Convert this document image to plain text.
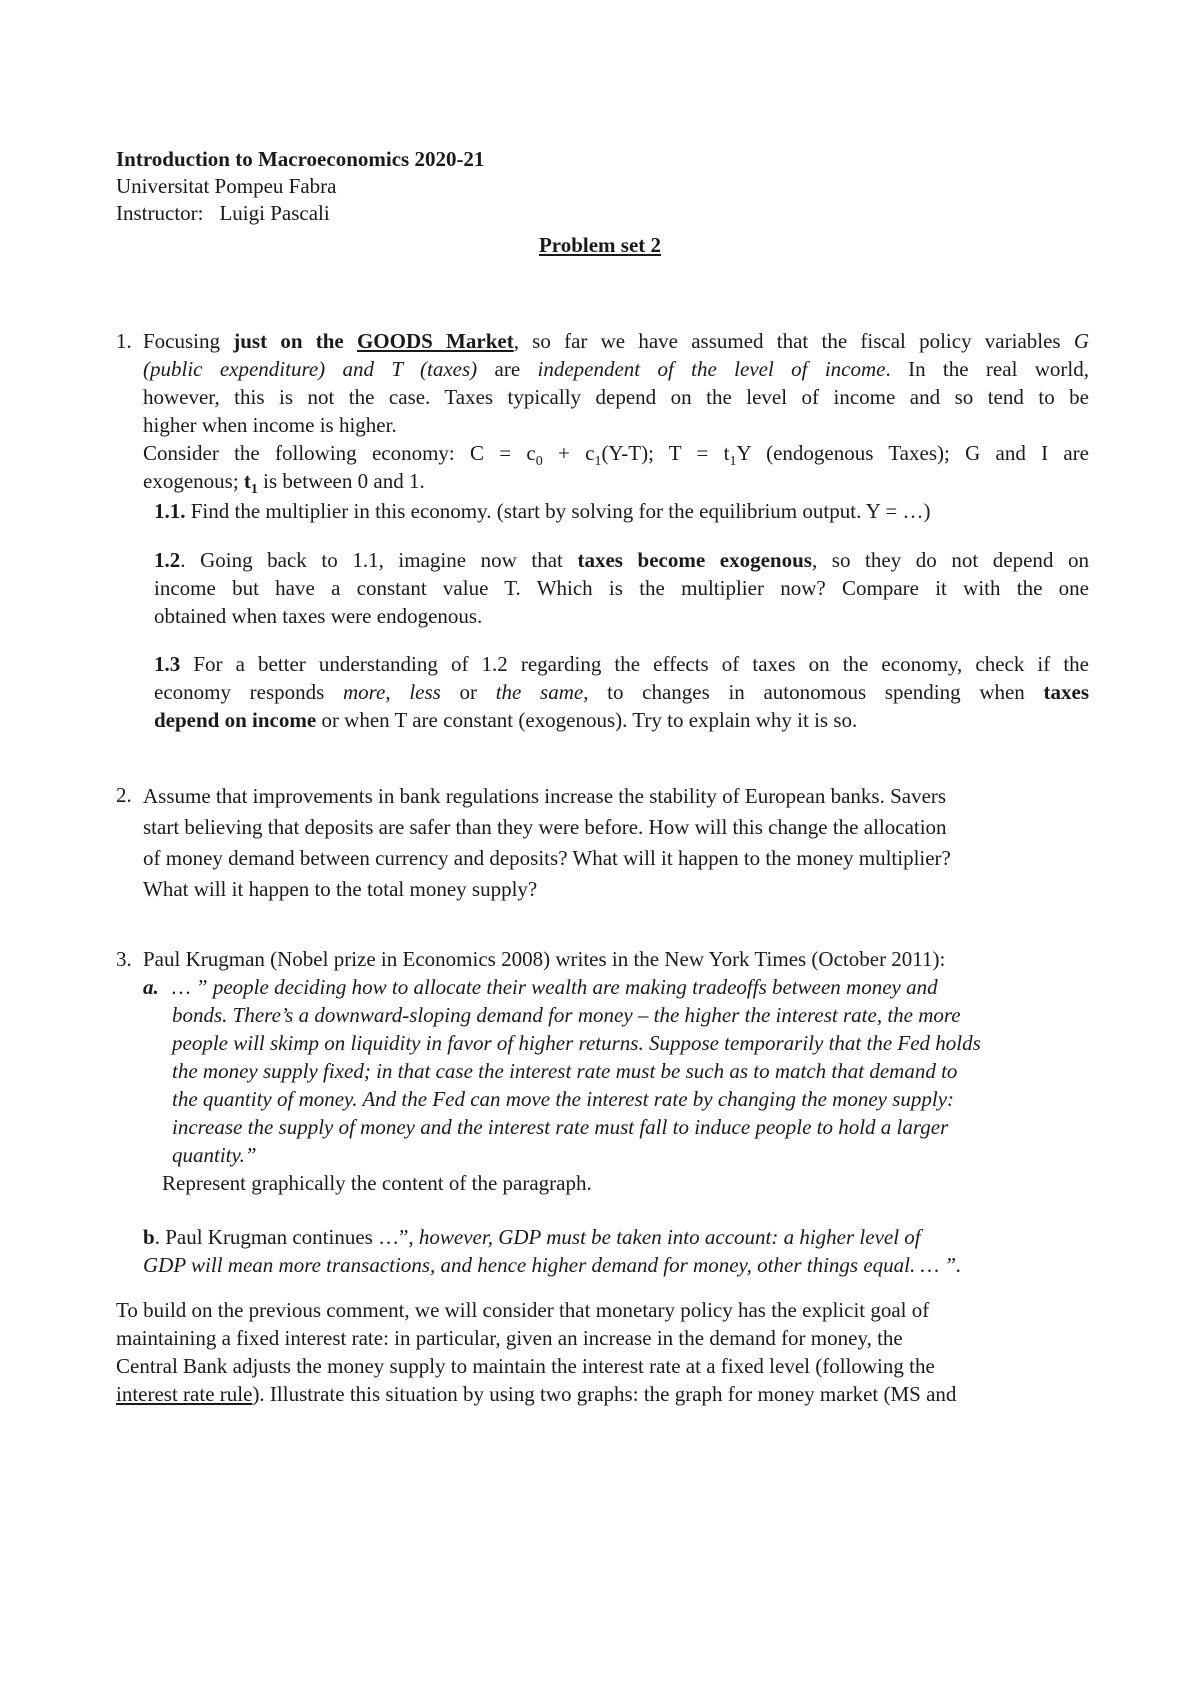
Introduction to Macroeconomics 2020-21
Universitat Pompeu Fabra
Instructor: Luigi Pascali
Problem set 2
1. Focusing just on the GOODS Market, so far we have assumed that the fiscal policy variables G
(public expenditure) and T (taxes) are independent of the level of income. In the real world,
however, this is not the case. Taxes typically depend on the level of income and so tend to be
higher when income is higher.
Consider the following economy: $C = c_0 + c_1(Y-T)$; $T = t_1Y$ (endogenous Taxes); G and I are
exogenous; $t_1$ is between 0 and 1.
1.1. Find the multiplier in this economy. (start by solving for the equilibrium output. Y = …)
1.2. Going back to 1.1, imagine now that taxes become exogenous, so they do not depend on
income but have a constant value T. Which is the multiplier now? Compare it with the one
obtained when taxes were endogenous.
1.3 For a better understanding of 1.2 regarding the effects of taxes on the economy, check if the
economy responds more, less or the same, to changes in autonomous spending when taxes
depend on income or when T are constant (exogenous). Try to explain why it is so.
2. Assume that improvements in bank regulations increase the stability of European banks. Savers
start believing that deposits are safer than they were before. How will this change the allocation
of money demand between currency and deposits? What will it happen to the money multiplier?
What will it happen to the total money supply?
3. Paul Krugman (Nobel prize in Economics 2008) writes in the New York Times (October 2011):
a. … ” people deciding how to allocate their wealth are making tradeoffs between money and
bonds. There’s a downward-sloping demand for money – the higher the interest rate, the more
people will skimp on liquidity in favor of higher returns. Suppose temporarily that the Fed holds
the money supply fixed; in that case the interest rate must be such as to match that demand to
the quantity of money. And the Fed can move the interest rate by changing the money supply:
increase the supply of money and the interest rate must fall to induce people to hold a larger
quantity.”
Represent graphically the content of the paragraph.
b. Paul Krugman continues …”, however, GDP must be taken into account: a higher level of
GDP will mean more transactions, and hence higher demand for money, other things equal. … ”.
To build on the previous comment, we will consider that monetary policy has the explicit goal of
maintaining a fixed interest rate: in particular, given an increase in the demand for money, the
Central Bank adjusts the money supply to maintain the interest rate at a fixed level (following the
interest rate rule). Illustrate this situation by using two graphs: the graph for money market (MS and
